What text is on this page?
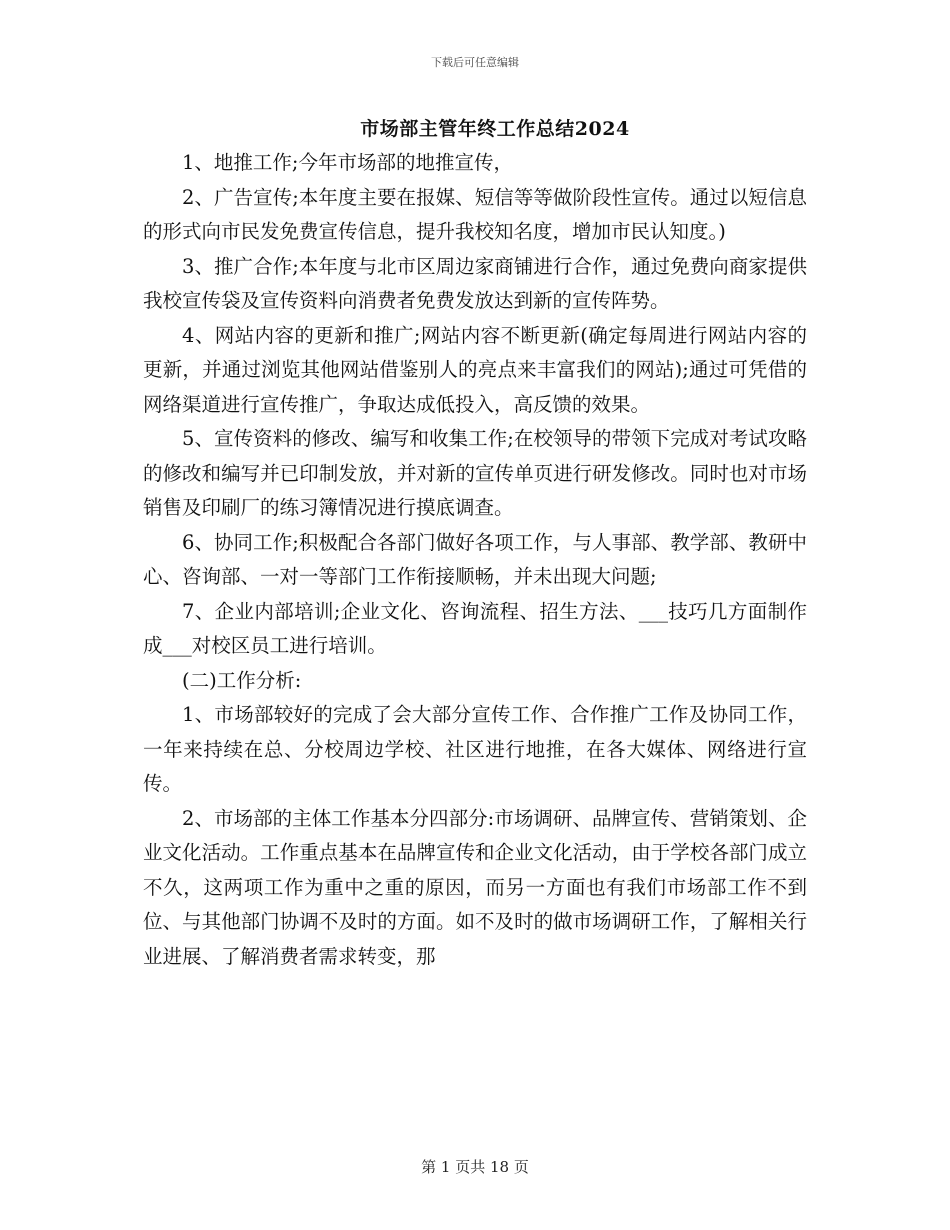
下载后可任意编辑
市场部主管年终工作总结2024

1、地推工作;今年市场部的地推宣传，

2、广告宣传;本年度主要在报媒、短信等等做阶段性宣传。通过以短信息的形式向市民发免费宣传信息，提升我校知名度，增加市民认知度。)

3、推广合作;本年度与北市区周边家商铺进行合作，通过免费向商家提供我校宣传袋及宣传资料向消费者免费发放达到新的宣传阵势。

4、网站内容的更新和推广;网站内容不断更新(确定每周进行网站内容的更新，并通过浏览其他网站借鉴别人的亮点来丰富我们的网站);通过可凭借的网络渠道进行宣传推广，争取达成低投入，高反馈的效果。

5、宣传资料的修改、编写和收集工作;在校领导的带领下完成对考试攻略的修改和编写并已印制发放，并对新的宣传单页进行研发修改。同时也对市场销售及印刷厂的练习簿情况进行摸底调查。

6、协同工作;积极配合各部门做好各项工作，与人事部、教学部、教研中心、咨询部、一对一等部门工作衔接顺畅，并未出现大问题;

7、企业内部培训;企业文化、咨询流程、招生方法、___技巧几方面制作成___对校区员工进行培训。

(二)工作分析:

1、市场部较好的完成了会大部分宣传工作、合作推广工作及协同工作，一年来持续在总、分校周边学校、社区进行地推，在各大媒体、网络进行宣传。

2、市场部的主体工作基本分四部分:市场调研、品牌宣传、营销策划、企业文化活动。工作重点基本在品牌宣传和企业文化活动，由于学校各部门成立不久，这两项工作为重中之重的原因，而另一方面也有我们市场部工作不到位、与其他部门协调不及时的方面。如不及时的做市场调研工作，了解相关行业进展、了解消费者需求转变，那

第 1 页共 18 页
